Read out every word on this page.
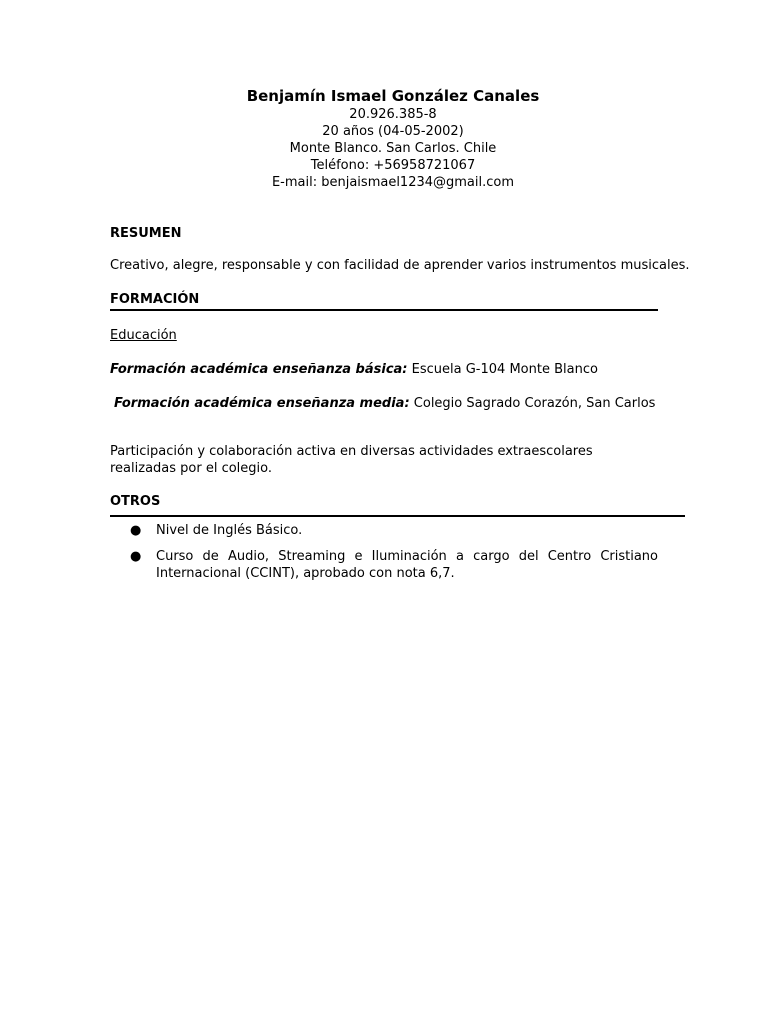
Benjamín Ismael González Canales

20.926.385-8

20 años (04-05-2002)

Monte Blanco. San Carlos. Chile

Teléfono: +56958721067

E-mail: benjaismael1234@gmail.com

RESUMEN

Creativo, alegre, responsable y con facilidad de aprender varios instrumentos musicales.

FORMACIÓN

Educación

Formación académica enseñanza básica: Escuela G-104 Monte Blanco

Formación académica enseñanza media: Colegio Sagrado Corazón, San Carlos

Participación y colaboración activa en diversas actividades extraescolares realizadas por el colegio.

OTROS

● Nivel de Inglés Básico.
● Curso de Audio, Streaming e Iluminación a cargo del Centro Cristiano Internacional (CCINT), aprobado con nota 6,7.
